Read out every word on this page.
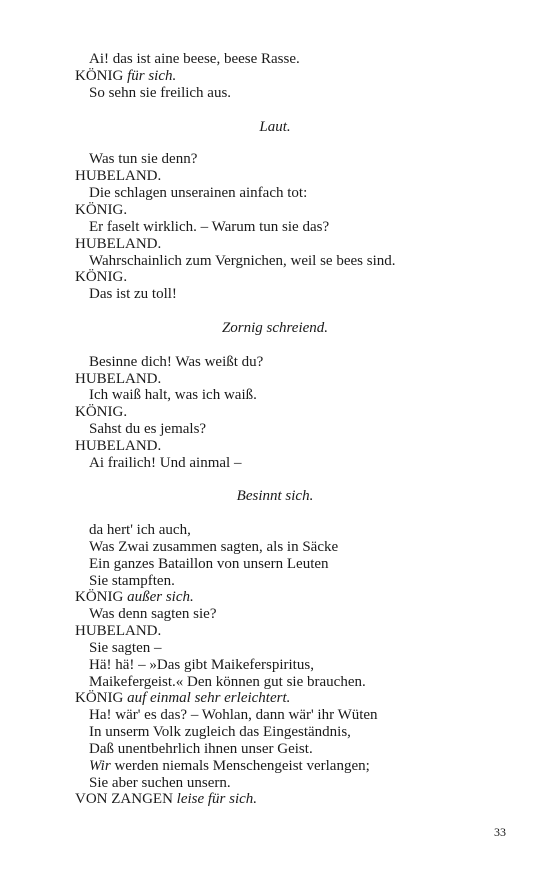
Ai! das ist aine beese, beese Rasse.
KÖNIG für sich.
So sehn sie freilich aus.
Laut.
Was tun sie denn?
HUBELAND.
Die schlagen unserainen ainfach tot:
KÖNIG.
Er faselt wirklich. – Warum tun sie das?
HUBELAND.
Wahrschainlich zum Vergnichen, weil se bees sind.
KÖNIG.
Das ist zu toll!
Zornig schreiend.
Besinne dich! Was weißt du?
HUBELAND.
Ich waiß halt, was ich waiß.
KÖNIG.
Sahst du es jemals?
HUBELAND.
Ai frailich! Und ainmal –
Besinnt sich.
da hert' ich auch,
Was Zwai zusammen sagten, als in Säcke
Ein ganzes Bataillon von unsern Leuten
Sie stampften.
KÖNIG außer sich.
Was denn sagten sie?
HUBELAND.
Sie sagten –
Hä! hä! – »Das gibt Maikeferspiritus,
Maikefergeist.« Den können gut sie brauchen.
KÖNIG auf einmal sehr erleichtert.
Ha! wär' es das? – Wohlan, dann wär' ihr Wüten
In unserm Volk zugleich das Eingeständnis,
Daß unentbehrlich ihnen unser Geist.
Wir werden niemals Menschengeist verlangen;
Sie aber suchen unsern.
VON ZANGEN leise für sich.
33
